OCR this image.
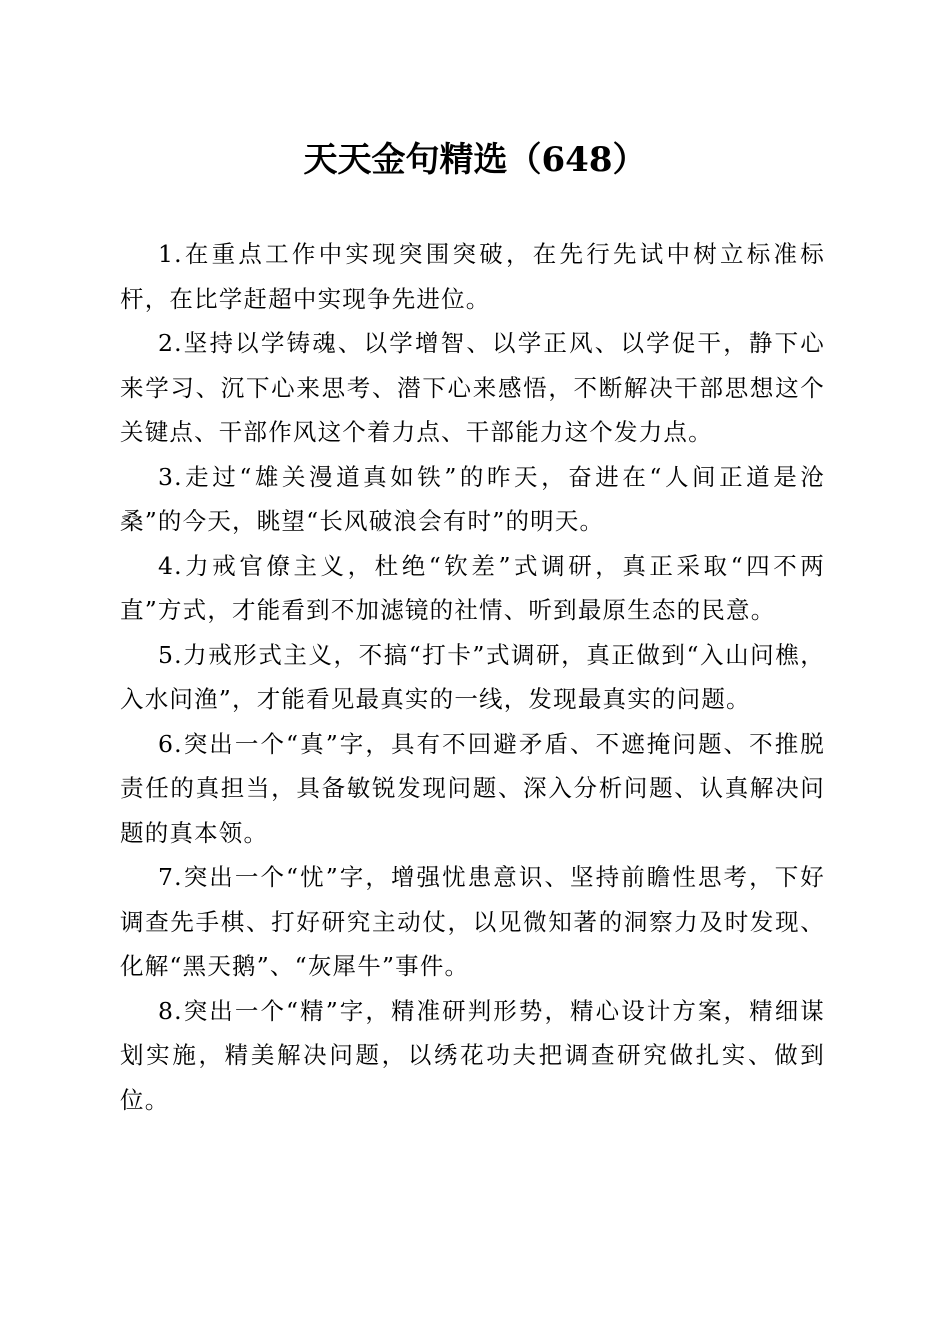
天天金句精选（648）

1.在重点工作中实现突围突破，在先行先试中树立标准标杆，在比学赶超中实现争先进位。

2.坚持以学铸魂、以学增智、以学正风、以学促干，静下心来学习、沉下心来思考、潜下心来感悟，不断解决干部思想这个关键点、干部作风这个着力点、干部能力这个发力点。

3.走过“雄关漫道真如铁”的昨天，奋进在“人间正道是沧桑”的今天，眺望“长风破浪会有时”的明天。

4.力戒官僚主义，杜绝“钦差”式调研，真正采取“四不两直”方式，才能看到不加滤镜的社情、听到最原生态的民意。

5.力戒形式主义，不搞“打卡”式调研，真正做到“入山问樵，入水问渔”，才能看见最真实的一线，发现最真实的问题。

6.突出一个“真”字，具有不回避矛盾、不遮掩问题、不推脱责任的真担当，具备敏锐发现问题、深入分析问题、认真解决问题的真本领。

7.突出一个“忧”字，增强忧患意识、坚持前瞻性思考，下好调查先手棋、打好研究主动仗，以见微知著的洞察力及时发现、化解“黑天鹅”、“灰犀牛”事件。

8.突出一个“精”字，精准研判形势，精心设计方案，精细谋划实施，精美解决问题，以绣花功夫把调查研究做扎实、做到位。
